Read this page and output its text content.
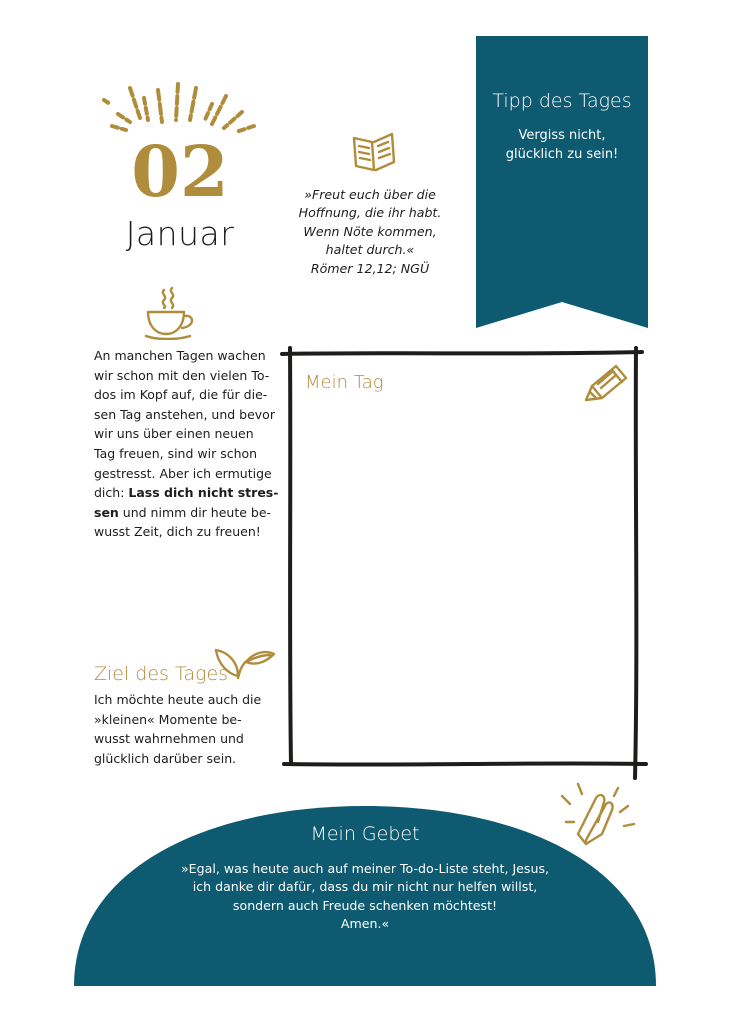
02
Januar
»Freut euch über die
Hoffnung, die ihr habt.
Wenn Nöte kommen,
haltet durch.«
Römer 12,12; NGÜ
Tipp des Tages
Vergiss nicht,
glücklich zu sein!
An manchen Tagen wachen
wir schon mit den vielen To-
dos im Kopf auf, die für die-
sen Tag anstehen, und bevor
wir uns über einen neuen
Tag freuen, sind wir schon
gestresst. Aber ich ermutige
dich: Lass dich nicht stres-
sen und nimm dir heute be-
wusst Zeit, dich zu freuen!
Ziel des Tages
Ich möchte heute auch die
»kleinen« Momente be-
wusst wahrnehmen und
glücklich darüber sein.
Mein Tag
Mein Gebet
»Egal, was heute auch auf meiner To-do-Liste steht, Jesus,
ich danke dir dafür, dass du mir nicht nur helfen willst,
sondern auch Freude schenken möchtest!
Amen.«
